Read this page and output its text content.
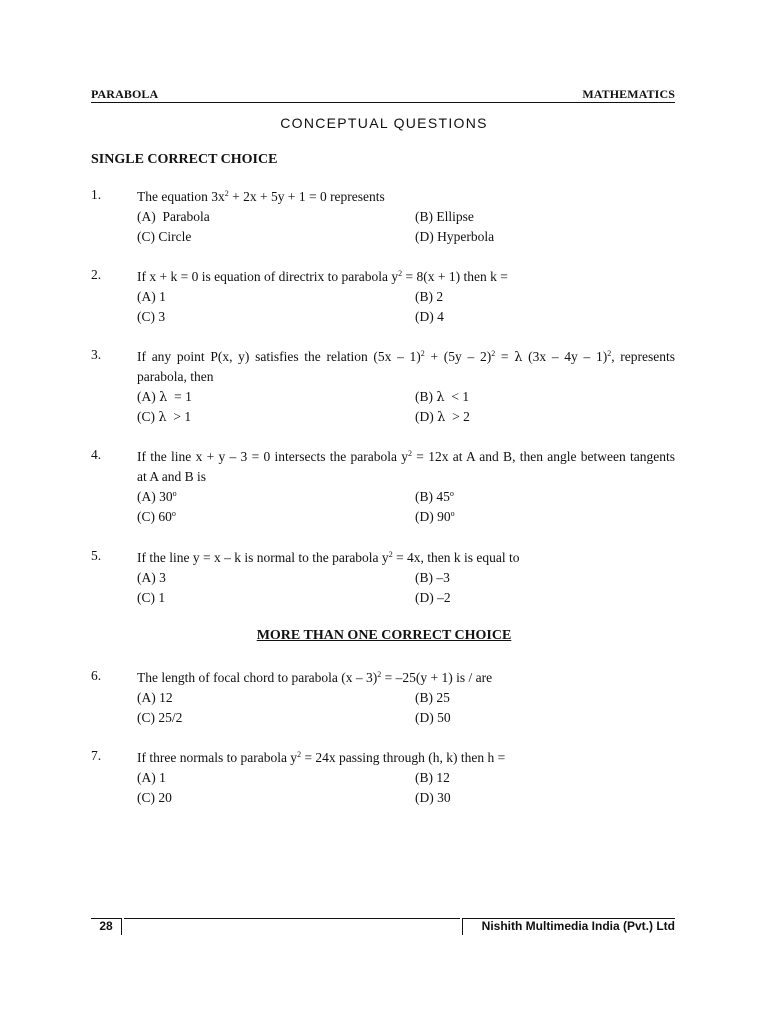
PARABOLA	MATHEMATICS
CONCEPTUAL QUESTIONS
SINGLE CORRECT CHOICE
MORE THAN ONE CORRECT CHOICE
1.	The equation $3x^2 + 2x + 5y + 1 = 0$ represents
(A)  Parabola	(B) Ellipse
(C) Circle	(D) Hyperbola
2.	If x + k = 0 is equation of directrix to parabola $y^2 = 8(x + 1)$ then k =
(A) 1	(B) 2
(C) 3	(D) 4
3.	If any point P(x, y) satisfies the relation (5x – 1)$^2$ + (5y – 2)$^2$ = λ (3x – 4y – 1)$^2$, represents
parabola, then
(A) λ  = 1	(B) λ  < 1
(C) λ  > 1	(D) λ  > 2
4.	If the line x + y – 3 = 0 intersects the parabola $y^2 = 12x$ at A and B, then angle between tangents
at A and B is
(A) 30$^o$	(B) 45$^o$
(C) 60$^o$	(D) 90$^o$
5.	If the line y = x – k is normal to the parabola $y^2 = 4x$, then k is equal to
(A) 3	(B) –3
(C) 1	(D) –2
6.	The length of focal chord to parabola (x – 3)$^2$ = –25(y + 1) is / are
(A) 12	(B) 25
(C) 25/2	(D) 50
7.	If three normals to parabola $y^2 = 24x$ passing through (h, k) then h =
(A) 1	(B) 12
(C) 20	(D) 30
28	Nishith Multimedia India (Pvt.) Ltd
